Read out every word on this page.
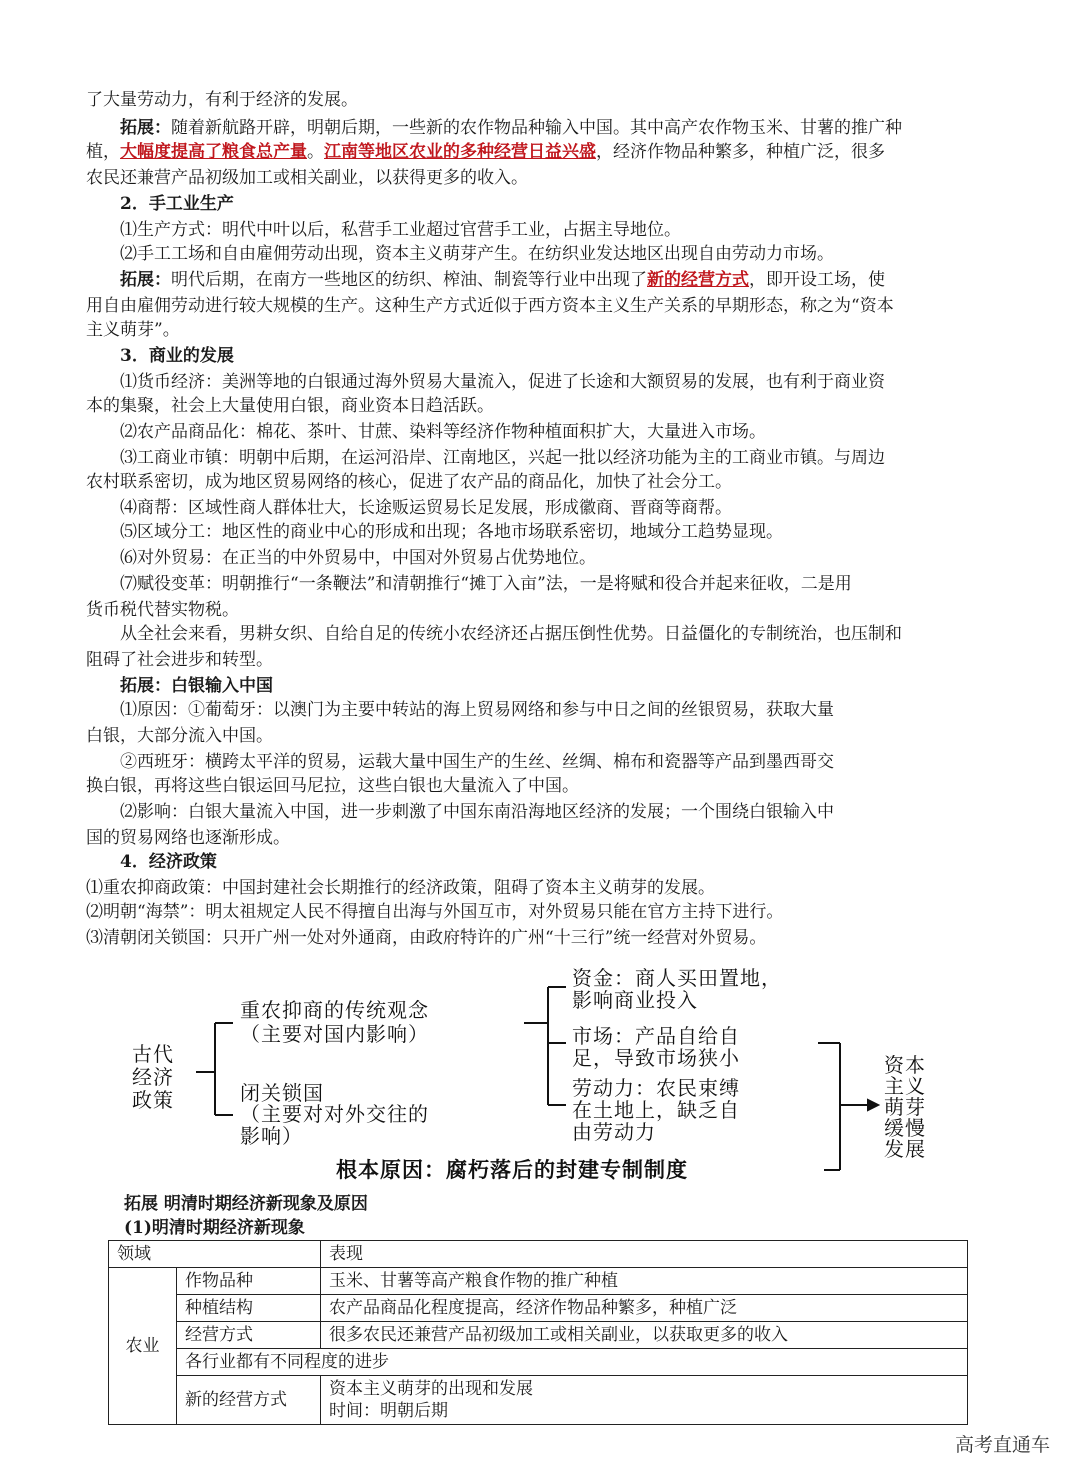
了大量劳动力，有利于经济的发展。
拓展：随着新航路开辟，明朝后期，一些新的农作物品种输入中国。其中高产农作物玉米、甘薯的推广种
植，大幅度提高了粮食总产量。江南等地区农业的多种经营日益兴盛，经济作物品种繁多，种植广泛，很多
农民还兼营产品初级加工或相关副业，以获得更多的收入。
2．手工业生产
⑴生产方式：明代中叶以后，私营手工业超过官营手工业，占据主导地位。
⑵手工工场和自由雇佣劳动出现，资本主义萌芽产生。在纺织业发达地区出现自由劳动力市场。
拓展：明代后期，在南方一些地区的纺织、榨油、制瓷等行业中出现了新的经营方式，即开设工场，使
用自由雇佣劳动进行较大规模的生产。这种生产方式近似于西方资本主义生产关系的早期形态，称之为“资本
主义萌芽”。
3．商业的发展
⑴货币经济：美洲等地的白银通过海外贸易大量流入，促进了长途和大额贸易的发展，也有利于商业资
本的集聚，社会上大量使用白银，商业资本日趋活跃。
⑵农产品商品化：棉花、茶叶、甘蔗、染料等经济作物种植面积扩大，大量进入市场。
⑶工商业市镇：明朝中后期，在运河沿岸、江南地区，兴起一批以经济功能为主的工商业市镇。与周边
农村联系密切，成为地区贸易网络的核心，促进了农产品的商品化，加快了社会分工。
⑷商帮：区域性商人群体壮大，长途贩运贸易长足发展，形成徽商、晋商等商帮。
⑸区域分工：地区性的商业中心的形成和出现；各地市场联系密切，地域分工趋势显现。
⑹对外贸易：在正当的中外贸易中，中国对外贸易占优势地位。
⑺赋役变革：明朝推行“一条鞭法”和清朝推行“摊丁入亩”法，一是将赋和役合并起来征收，二是用
货币税代替实物税。
从全社会来看，男耕女织、自给自足的传统小农经济还占据压倒性优势。日益僵化的专制统治，也压制和
阻碍了社会进步和转型。
拓展：白银输入中国
⑴原因：①葡萄牙：以澳门为主要中转站的海上贸易网络和参与中日之间的丝银贸易，获取大量
白银，大部分流入中国。
②西班牙：横跨太平洋的贸易，运载大量中国生产的生丝、丝绸、棉布和瓷器等产品到墨西哥交
换白银，再将这些白银运回马尼拉，这些白银也大量流入了中国。
⑵影响：白银大量流入中国，进一步刺激了中国东南沿海地区经济的发展；一个围绕白银输入中
国的贸易网络也逐渐形成。
4．经济政策
⑴重农抑商政策：中国封建社会长期推行的经济政策，阻碍了资本主义萌芽的发展。
⑵明朝“海禁”：明太祖规定人民不得擅自出海与外国互市，对外贸易只能在官方主持下进行。
⑶清朝闭关锁国：只开广州一处对外通商，由政府特许的广州“十三行”统一经营对外贸易。
古代
经济
政策
重农抑商的传统观念
（主要对国内影响）
闭关锁国
（主要对对外交往的
影响）
资金：商人买田置地，
影响商业投入
市场：产品自给自
足，导致市场狭小
劳动力：农民束缚
在土地上，缺乏自
由劳动力
资本
主义
萌芽
缓慢
发展
根本原因：腐朽落后的封建专制制度
拓展 明清时期经济新现象及原因
(1)明清时期经济新现象
领域		表现
农业	作物品种	玉米、甘薯等高产粮食作物的推广种植
	种植结构	农产品商品化程度提高，经济作物品种繁多，种植广泛
	经营方式	很多农民还兼营产品初级加工或相关副业，以获取更多的收入
	各行业都有不同程度的进步	
	新的经营方式	资本主义萌芽的出现和发展
时间：明朝后期
高考直通车
